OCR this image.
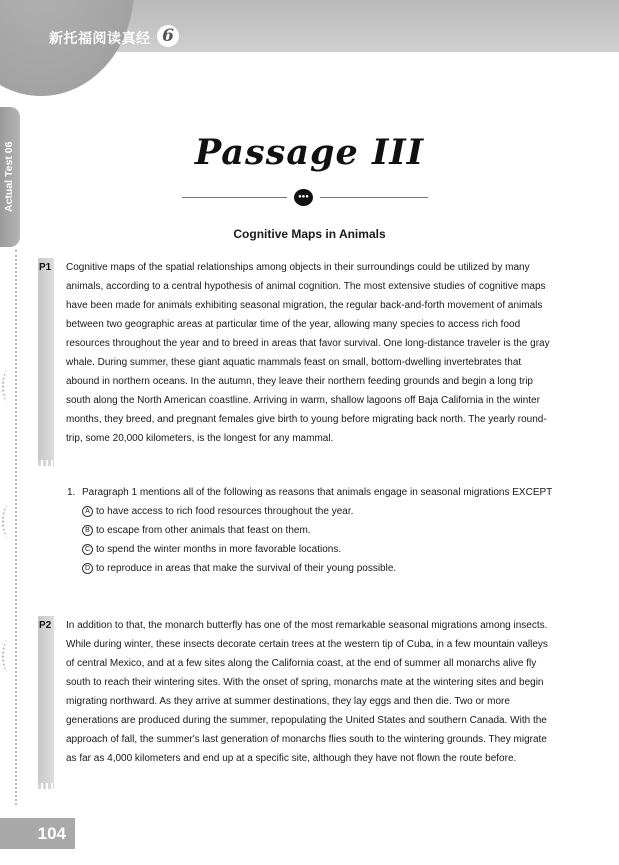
新托福阅读真经 6
Actual Test 06	Passage III
●●●
Cognitive Maps in Animals
P1 Cognitive maps of the spatial relationships among objects in their surroundings could be utilized by many animals, according to a central hypothesis of animal cognition. The most extensive studies of cognitive maps have been made for animals exhibiting seasonal migration, the regular back-and-forth movement of animals between two geographic areas at particular time of the year, allowing many species to access rich food resources throughout the year and to breed in areas that favor survival. One long-distance traveler is the gray whale. During summer, these giant aquatic mammals feast on small, bottom-dwelling invertebrates that abound in northern oceans. In the autumn, they leave their northern feeding grounds and begin a long trip south along the North American coastline. Arriving in warm, shallow lagoons off Baja California in the winter months, they breed, and pregnant females give birth to young before migrating back north. The yearly round-trip, some 20,000 kilometers, is the longest for any mammal.

1. Paragraph 1 mentions all of the following as reasons that animals engage in seasonal migrations EXCEPT
A to have access to rich food resources throughout the year.
B to escape from other animals that feast on them.
C to spend the winter months in more favorable locations.
D to reproduce in areas that make the survival of their young possible.
P2 In addition to that, the monarch butterfly has one of the most remarkable seasonal migrations among insects. While during winter, these insects decorate certain trees at the western tip of Cuba, in a few mountain valleys of central Mexico, and at a few sites along the California coast, at the end of summer all monarchs alive fly south to reach their wintering sites. With the onset of spring, monarchs mate at the wintering sites and begin migrating northward. As they arrive at summer destinations, they lay eggs and then die. Two or more generations are produced during the summer, repopulating the United States and southern Canada. With the approach of fall, the summer's last generation of monarchs flies south to the wintering grounds. They migrate as far as 4,000 kilometers and end up at a specific site, although they have not flown the route before.

104
